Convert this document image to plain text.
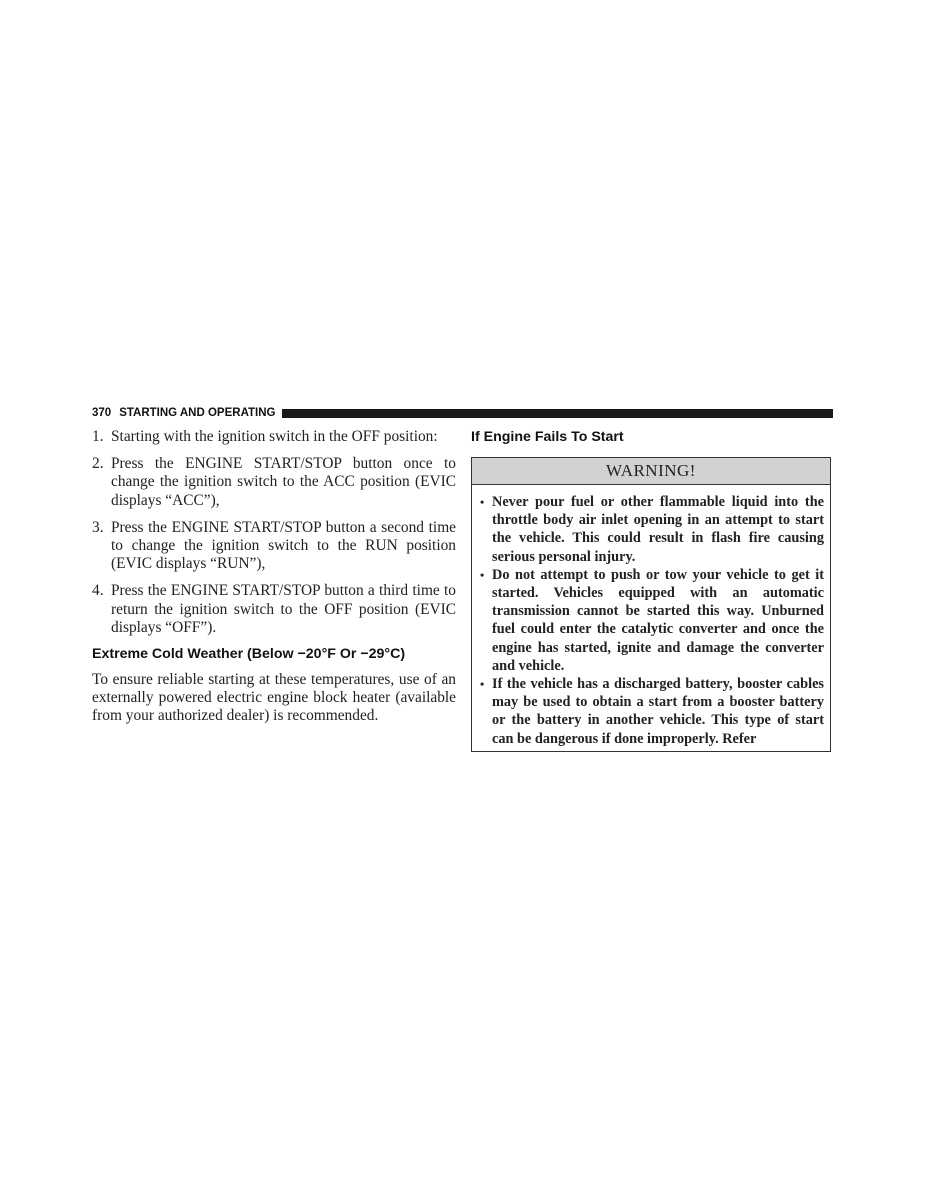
370 STARTING AND OPERATING
1. Starting with the ignition switch in the OFF position:
2. Press the ENGINE START/STOP button once to change the ignition switch to the ACC position (EVIC displays “ACC”),
3. Press the ENGINE START/STOP button a second time to change the ignition switch to the RUN position (EVIC displays “RUN”),
4. Press the ENGINE START/STOP button a third time to return the ignition switch to the OFF position (EVIC displays “OFF”).
Extreme Cold Weather (Below −20°F Or −29°C)

To ensure reliable starting at these temperatures, use of an externally powered electric engine block heater (available from your authorized dealer) is recommended.

If Engine Fails To Start
WARNING!
• Never pour fuel or other flammable liquid into the throttle body air inlet opening in an attempt to start the vehicle. This could result in flash fire causing serious personal injury.
• Do not attempt to push or tow your vehicle to get it started. Vehicles equipped with an automatic transmission cannot be started this way. Unburned fuel could enter the catalytic converter and once the engine has started, ignite and damage the converter and vehicle.
• If the vehicle has a discharged battery, booster cables may be used to obtain a start from a booster battery or the battery in another vehicle. This type of start can be dangerous if done improperly. Refer
